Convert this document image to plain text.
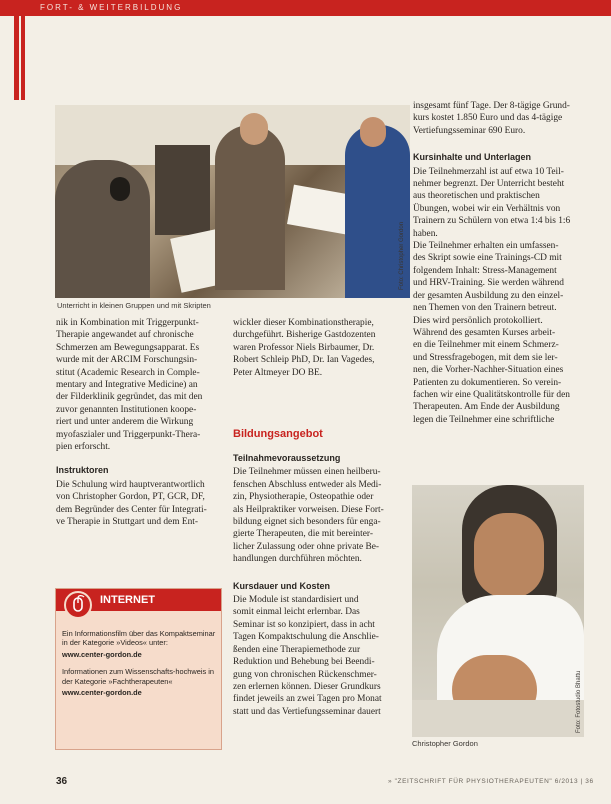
FORT- & WEITERBILDUNG
Unterricht in kleinen Gruppen und mit Skripten
Foto: Christopher Gordon

nik in Kombination mit Triggerpunkt-

Therapie angewandet auf chronische

Schmerzen am Bewegungsapparat. Es

wurde mit der ARCIM Forschungsin-

stitut (Academic Research in Comple-

mentary and Integrative Medicine) an

der Filderklinik gegründet, das mit den

zuvor genannten Institutionen koope-

riert und unter anderem die Wirkung

myofaszialer und Triggerpunkt-Thera-

pien erforscht.

Instruktoren

Die Schulung wird hauptverantwortlich

von Christopher Gordon, PT, GCR, DF,

dem Begründer des Center für Integrati-

ve Therapie in Stuttgart und dem Ent-

INTERNET
Ein Informationsfilm über das Kompaktseminar in der Kategorie »Videos« unter:
www.center-gordon.de
Informationen zum Wissenschafts-hochweis in der Kategorie »Fachtherapeuten«
www.center-gordon.de

wickler dieser Kombinationstherapie,

durchgeführt. Bisherige Gastdozenten

waren Professor Niels Birbaumer, Dr.

Robert Schleip PhD, Dr. Ian Vagedes,

Peter Altmeyer DO BE.

Bildungsangebot
Teilnahmevoraussetzung

Die Teilnehmer müssen einen heilberu-

fenschen Abschluss entweder als Medi-

zin, Physiotherapie, Osteopathie oder

als Heilpraktiker vorweisen. Diese Fort-

bildung eignet sich besonders für enga-

gierte Therapeuten, die mit bereinter-

licher Zulassung oder ohne private Be-

handlungen durchführen möchten.

Kursdauer und Kosten

Die Module ist standardisiert und

somit einmal leicht erlernbar. Das

Seminar ist so konzipiert, dass in acht

Tagen Kompaktschulung die Anschlie-

ßenden eine Therapiemethode zur

Reduktion und Behebung bei Beendi-

gung von chronischen Rückenschmer-

zen erlernen können. Dieser Grundkurs

findet jeweils an zwei Tagen pro Monat

statt und das Vertiefungsseminar dauert

insgesamt fünf Tage. Der 8-tägige Grund-

kurs kostet 1.850 Euro und das 4-tägige

Vertiefungsseminar 690 Euro.

Kursinhalte und Unterlagen

Die Teilnehmerzahl ist auf etwa 10 Teil-

nehmer begrenzt. Der Unterricht besteht

aus theoretischen und praktischen

Übungen, wobei wir ein Verhältnis von

Trainern zu Schülern von etwa 1:4 bis 1:6

haben.

Die Teilnehmer erhalten ein umfassen-

des Skript sowie eine Trainings-CD mit

folgendem Inhalt: Stress-Management

und HRV-Training. Sie werden während

der gesamten Ausbildung zu den einzel-

nen Themen von den Trainern betreut.

Dies wird persönlich protokolliert.

Während des gesamten Kurses arbeit-

en die Teilnehmer mit einem Schmerz-

und Stressfragebogen, mit dem sie ler-

nen, die Vorher-Nachher-Situation eines

Patienten zu dokumentieren. So verein-

fachen wir eine Qualitätskontrolle für den

Therapeuten. Am Ende der Ausbildung

legen die Teilnehmer eine schriftliche

Christopher Gordon
Foto: Fotostudio Bhattu
36	» "ZEITSCHRIFT FÜR PHYSIOTHERAPEUTEN" 6/2013 | 36
